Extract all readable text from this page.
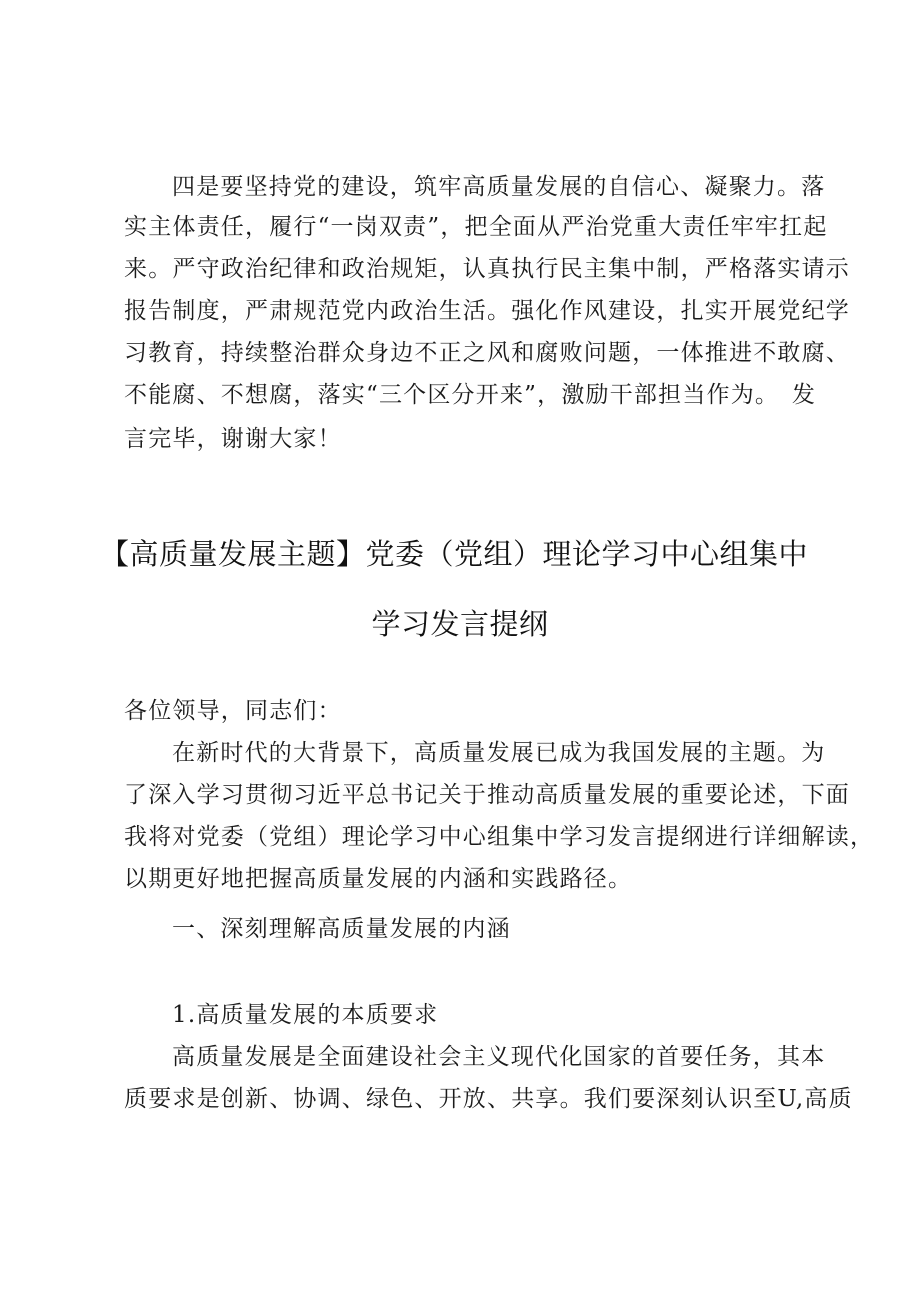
四是要坚持党的建设，筑牢高质量发展的自信心、凝聚力。落
实主体责任，履行“一岗双责”，把全面从严治党重大责任牢牢扛起
来。严守政治纪律和政治规矩，认真执行民主集中制，严格落实请示
报告制度，严肃规范党内政治生活。强化作风建设，扎实开展党纪学
习教育，持续整治群众身边不正之风和腐败问题，一体推进不敢腐、
不能腐、不想腐，落实“三个区分开来”，激励干部担当作为。　发
言完毕，谢谢大家！
【高质量发展主题】党委（党组）理论学习中心组集中
学习发言提纲
各位领导，同志们：
在新时代的大背景下，高质量发展已成为我国发展的主题。为
了深入学习贯彻习近平总书记关于推动高质量发展的重要论述，下面
我将对党委（党组）理论学习中心组集中学习发言提纲进行详细解读，
以期更好地把握高质量发展的内涵和实践路径。
一、深刻理解高质量发展的内涵
1.高质量发展的本质要求
高质量发展是全面建设社会主义现代化国家的首要任务，其本
质要求是创新、协调、绿色、开放、共享。我们要深刻认识至U,高质
